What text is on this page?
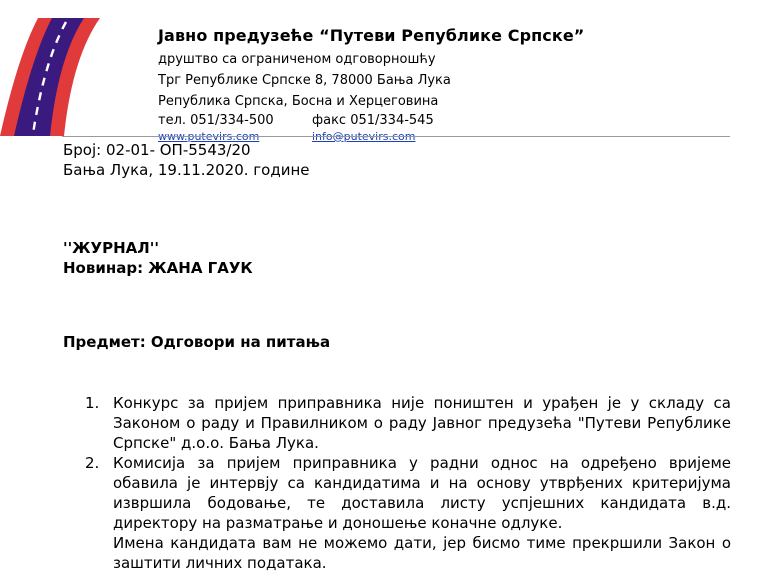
Јавно предузеће “Путеви Републике Српске”
друштво са ограниченом одговорношћу
Трг Републике Српске 8, 78000 Бања Лука
Република Српска, Босна и Херцеговина
тел. 051/334-500	факс 051/334-545
www.putevirs.com	info@putevirs.com
Број: 02-01- ОП-5543/20
Бања Лука, 19.11.2020. године
''ЖУРНАЛ''
Новинар: ЖАНА ГАУК
Предмет: Одговори на питања
1. Конкурс за пријем приправника није поништен и урађен је у складу са Законом о раду и Правилником о раду Јавног предузећа "Путеви Републике Српске" д.о.о. Бања Лука.
2. Комисија за пријем приправника у радни однос на одређено вријеме обавила је интервју са кандидатима и на основу утврђених критеријума извршила бодовање, те доставила листу успјешних кандидата в.д. директору на разматрање и доношење коначне одлуке.
Имена кандидата вам не можемо дати, јер бисмо тиме прекршили Закон о заштити личних података.
